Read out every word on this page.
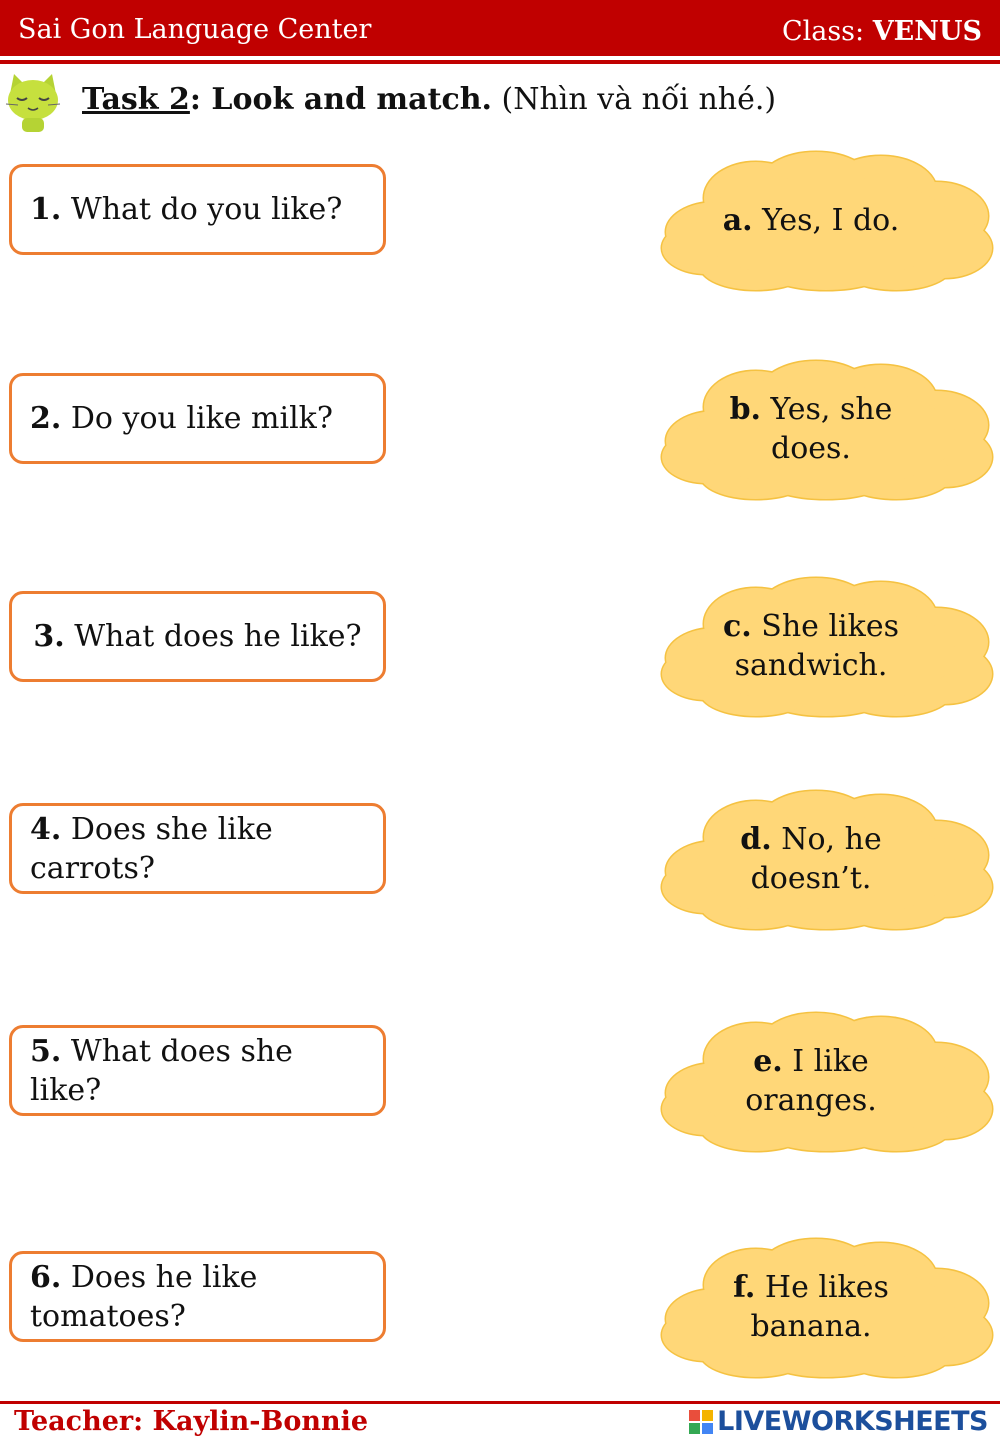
Sai Gon Language Center	Class: VENUS
Task 2: Look and match. (Nhìn và nối nhé.)
1. What do you like?
2. Do you like milk?
3. What does he like?
4. Does she like carrots?
5. What does she like?
6. Does he like tomatoes?
a. Yes, I do.
b. Yes, she does.
c. She likes sandwich.
d. No, he doesn’t.
e. I like oranges.
f. He likes banana.
Teacher: Kaylin-Bonnie	LIVEWORKSHEETS
